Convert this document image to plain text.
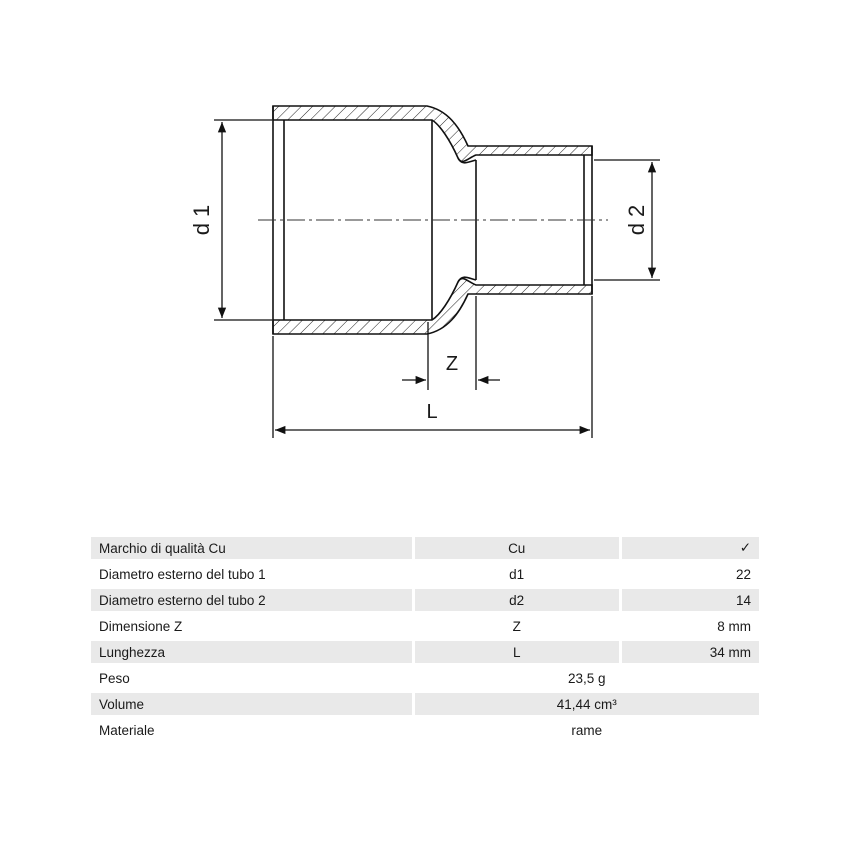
d 1	d 2
Z
L
Marchio di qualità Cu	Cu	✓
Diametro esterno del tubo 1	d1	22
Diametro esterno del tubo 2	d2	14
Dimensione Z	Z	8 mm
Lunghezza	L	34 mm
Peso	23,5 g	
Volume	41,44 cm³	
Materiale	rame	
